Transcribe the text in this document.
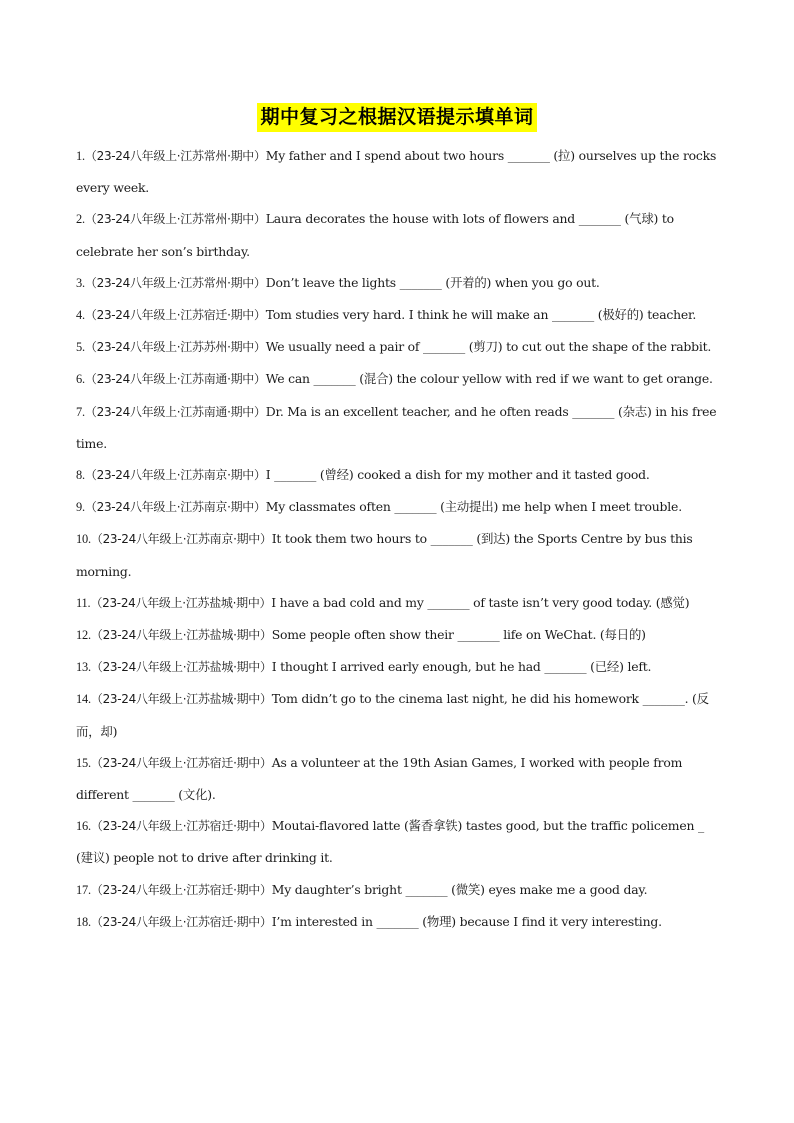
期中复习之根据汉语提示填单词
1.（23-24八年级上·江苏常州·期中）My father and I spend about two hours _______ (拉) ourselves up the rocks every week.
2.（23-24八年级上·江苏常州·期中）Laura decorates the house with lots of flowers and _______ (气球) to celebrate her son’s birthday.
3.（23-24八年级上·江苏常州·期中）Don’t leave the lights _______ (开着的) when you go out.
4.（23-24八年级上·江苏宿迁·期中）Tom studies very hard. I think he will make an _______ (极好的) teacher.
5.（23-24八年级上·江苏苏州·期中）We usually need a pair of _______ (剪刀) to cut out the shape of the rabbit.
6.（23-24八年级上·江苏南通·期中）We can _______ (混合) the colour yellow with red if we want to get orange.
7.（23-24八年级上·江苏南通·期中）Dr. Ma is an excellent teacher, and he often reads _______ (杂志) in his free time.
8.（23-24八年级上·江苏南京·期中）I _______ (曾经) cooked a dish for my mother and it tasted good.
9.（23-24八年级上·江苏南京·期中）My classmates often _______ (主动提出) me help when I meet trouble.
10.（23-24八年级上·江苏南京·期中）It took them two hours to _______ (到达) the Sports Centre by bus this morning.
11.（23-24八年级上·江苏盐城·期中）I have a bad cold and my _______ of taste isn’t very good today. (感觉)
12.（23-24八年级上·江苏盐城·期中）Some people often show their _______ life on WeChat. (每日的)
13.（23-24八年级上·江苏盐城·期中）I thought I arrived early enough, but he had _______ (已经) left.
14.（23-24八年级上·江苏盐城·期中）Tom didn’t go to the cinema last night, he did his homework _______. (反而，却)
15.（23-24八年级上·江苏宿迁·期中）As a volunteer at the 19th Asian Games, I worked with people from different _______ (文化).
16.（23-24八年级上·江苏宿迁·期中）Moutai-flavored latte (酱香拿铁) tastes good, but the traffic policemen _ (建议) people not to drive after drinking it.
17.（23-24八年级上·江苏宿迁·期中）My daughter’s bright _______ (微笑) eyes make me a good day.
18.（23-24八年级上·江苏宿迁·期中）I’m interested in _______ (物理) because I find it very interesting.
